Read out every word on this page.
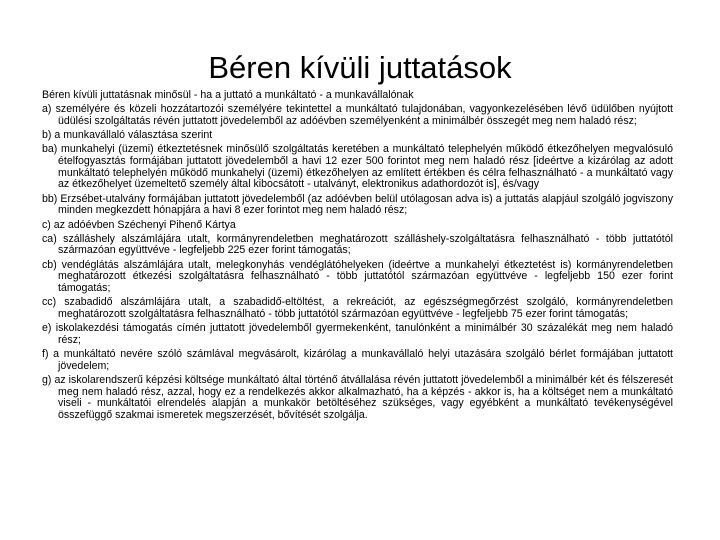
Béren kívüli juttatások

Béren kívüli juttatásnak minősül - ha a juttató a munkáltató - a munkavállalónak

a) személyére és közeli hozzátartozói személyére tekintettel a munkáltató tulajdonában, vagyonkezelésében lévő üdülőben nyújtott üdülési szolgáltatás révén juttatott jövedelemből az adóévben személyenként a minimálbér összegét meg nem haladó rész;

b) a munkavállaló választása szerint

ba) munkahelyi (üzemi) étkeztetésnek minősülő szolgáltatás keretében a munkáltató telephelyén működő étkezőhelyen megvalósuló ételfogyasztás formájában juttatott jövedelemből a havi 12 ezer 500 forintot meg nem haladó rész [ideértve a kizárólag az adott munkáltató telephelyén működő munkahelyi (üzemi) étkezőhelyen az említett értékben és célra felhasználható - a munkáltató vagy az étkezőhelyet üzemeltető személy által kibocsátott - utalványt, elektronikus adathordozót is], és/vagy

bb) Erzsébet-utalvány formájában juttatott jövedelemből (az adóévben belül utólagosan adva is) a juttatás alapjául szolgáló jogviszony minden megkezdett hónapjára a havi 8 ezer forintot meg nem haladó rész;

c) az adóévben Széchenyi Pihenő Kártya

ca) szálláshely alszámlájára utalt, kormányrendeletben meghatározott szálláshely-szolgáltatásra felhasználható - több juttatótól származóan együttvéve - legfeljebb 225 ezer forint támogatás;

cb) vendéglátás alszámlájára utalt, melegkonyhás vendéglátóhelyeken (ideértve a munkahelyi étkeztetést is) kormányrendeletben meghatározott étkezési szolgáltatásra felhasználható - több juttatótól származóan együttvéve - legfeljebb 150 ezer forint támogatás;

cc) szabadidő alszámlájára utalt, a szabadidő-eltöltést, a rekreációt, az egészségmegőrzést szolgáló, kormányrendeletben meghatározott szolgáltatásra felhasználható - több juttatótól származóan együttvéve - legfeljebb 75 ezer forint támogatás;

e) iskolakezdési támogatás címén juttatott jövedelemből gyermekenként, tanulónként a minimálbér 30 százalékát meg nem haladó rész;

f) a munkáltató nevére szóló számlával megvásárolt, kizárólag a munkavállaló helyi utazására szolgáló bérlet formájában juttatott jövedelem;

g) az iskolarendszerű képzési költsége munkáltató által történő átvállalása révén juttatott jövedelemből a minimálbér két és félszeresét meg nem haladó rész, azzal, hogy ez a rendelkezés akkor alkalmazható, ha a képzés - akkor is, ha a költséget nem a munkáltató viseli - munkáltatói elrendelés alapján a munkakör betöltéséhez szükséges, vagy egyébként a munkáltató tevékenységével összefüggő szakmai ismeretek megszerzését, bővítését szolgálja.
